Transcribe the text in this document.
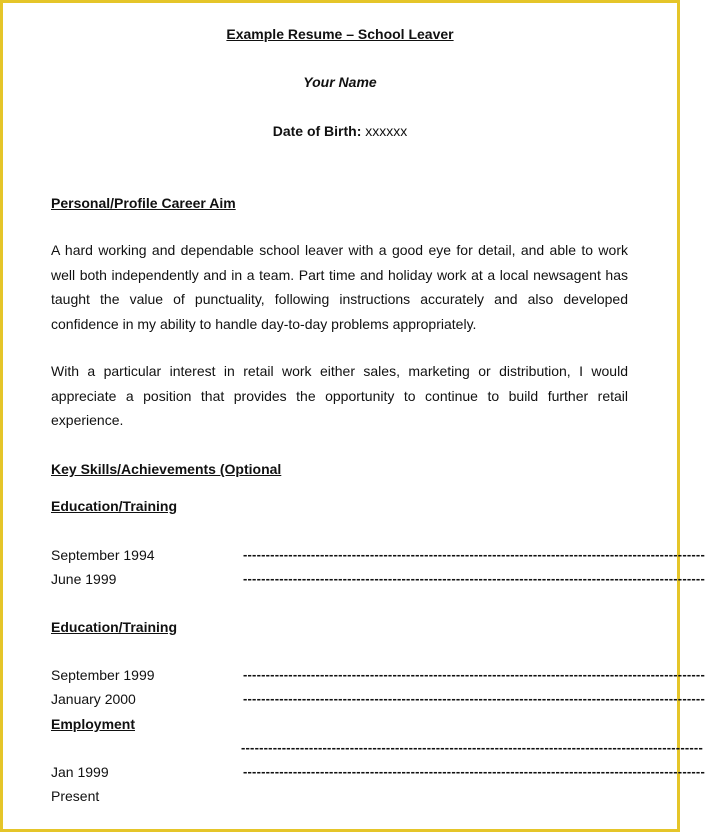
Example Resume – School Leaver
Your Name
Date of Birth: xxxxxx
Personal/Profile Career Aim
A hard working and dependable school leaver with a good eye for detail, and able to work well both independently and in a team. Part time and holiday work at a local newsagent has taught the value of punctuality, following instructions accurately and also developed confidence in my ability to handle day-to-day problems appropriately.
With a particular interest in retail work either sales, marketing or distribution, I would appreciate a position that provides the opportunity to continue to build further retail experience.
Key Skills/Achievements (Optional
Education/Training
September 1994	------------------------------------------------------------------------------------------------------
June 1999	------------------------------------------------------------------------------------------------------
Education/Training
September 1999	------------------------------------------------------------------------------------------------------
January 2000	------------------------------------------------------------------------------------------------------
Employment
------------------------------------------------------------------------------------------------------
Jan 1999	------------------------------------------------------------------------------------------------------
Present
